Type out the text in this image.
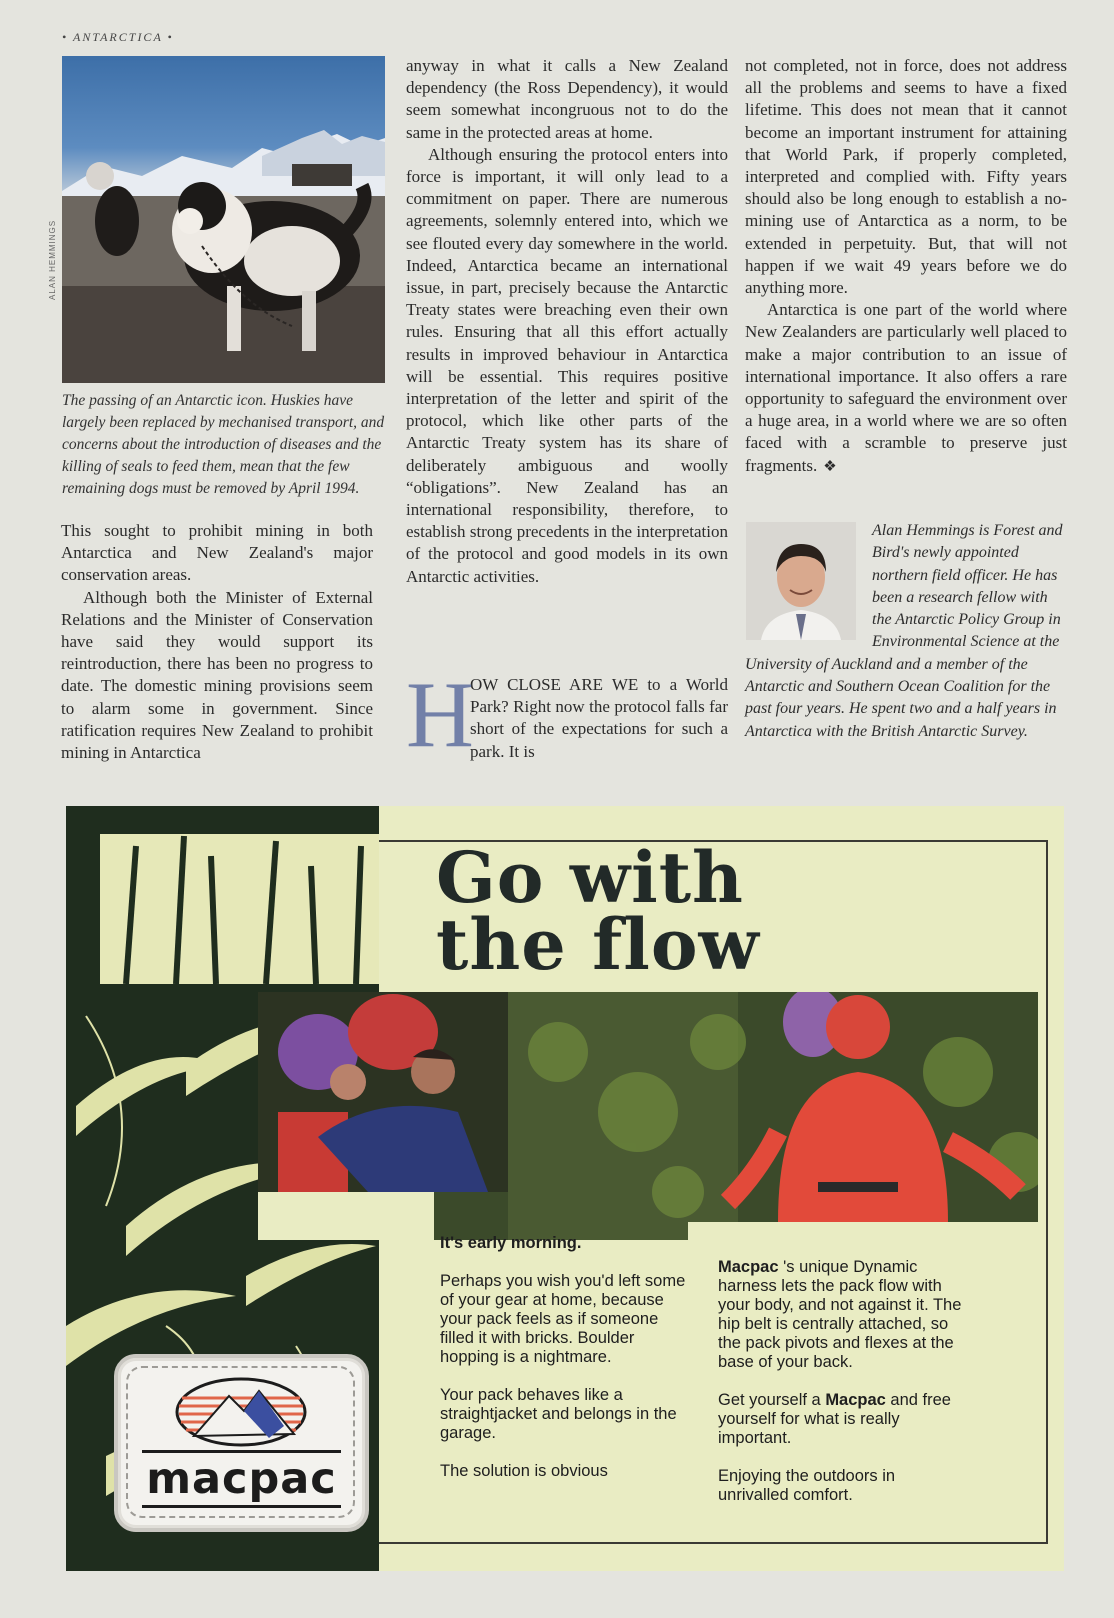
• ANTARCTICA •
ALAN HEMMINGS
The passing of an Antarctic icon. Huskies have largely been replaced by mechanised transport, and concerns about the introduction of diseases and the killing of seals to feed them, mean that the few remaining dogs must be removed by April 1994.

This sought to prohibit mining in both Antarctica and New Zealand's major conservation areas.

Although both the Minister of External Relations and the Minister of Conservation have said they would support its reintroduction, there has been no progress to date. The domestic mining provisions seem to alarm some in government. Since ratification requires New Zealand to prohibit mining in Antarctica

anyway in what it calls a New Zealand dependency (the Ross Dependency), it would seem somewhat incongruous not to do the same in the protected areas at home.

Although ensuring the protocol enters into force is important, it will only lead to a commitment on paper. There are numerous agreements, solemnly entered into, which we see flouted every day somewhere in the world. Indeed, Antarctica became an international issue, in part, precisely because the Antarctic Treaty states were breaching even their own rules. Ensuring that all this effort actually results in improved behaviour in Antarctica will be essential. This requires positive interpretation of the letter and spirit of the protocol, which like other parts of the Antarctic Treaty system has its share of deliberately ambiguous and woolly “obligations”. New Zealand has an international responsibility, therefore, to establish strong precedents in the interpretation of the protocol and good models in its own Antarctic activities.

H
OW CLOSE ARE WE to a World Park? Right now the protocol falls far short of the expectations for such a park. It is

not completed, not in force, does not address all the problems and seems to have a fixed lifetime. This does not mean that it cannot become an important instrument for attaining that World Park, if properly completed, interpreted and complied with. Fifty years should also be long enough to establish a no-mining use of Antarctica as a norm, to be extended in perpetuity. But, that will not happen if we wait 49 years before we do anything more.

Antarctica is one part of the world where New Zealanders are particularly well placed to make a major contribution to an issue of international importance. It also offers a rare opportunity to safeguard the environment over a huge area, in a world where we are so often faced with a scramble to preserve just fragments. ❖

Alan Hemmings is Forest and Bird's newly appointed northern field officer. He has been a research fellow with the Antarctic Policy Group in Environmental Science at the University of Auckland and a member of the Antarctic and Southern Ocean Coalition for the past four years. He spent two and a half years in Antarctica with the British Antarctic Survey.
Go with
the flow

It's early morning.

Perhaps you wish you'd left some of your gear at home, because your pack feels as if someone filled it with bricks. Boulder hopping is a nightmare.

Your pack behaves like a straightjacket and belongs in the garage.

The solution is obvious

Macpac 's unique Dynamic harness lets the pack flow with your body, and not against it. The hip belt is centrally attached, so the pack pivots and flexes at the base of your back.

Get yourself a Macpac and free yourself for what is really important.

Enjoying the outdoors in unrivalled comfort.

macpac
